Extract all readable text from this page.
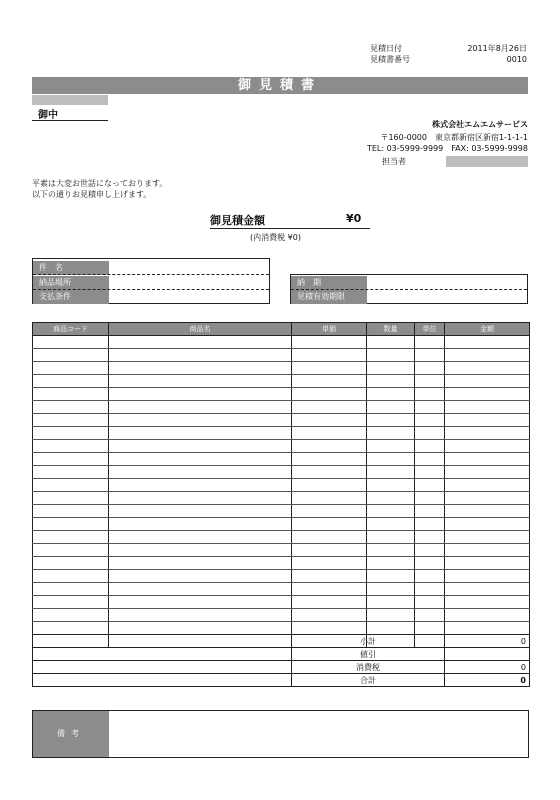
見積日付	2011年8月26日
見積書番号	0010
御見積書
御中
株式会社エムエムサービス
〒160-0000　東京都新宿区新宿1-1-1-1
TEL: 03-5999-9999　FAX: 03-5999-9998
担当者
平素は大変お世話になっております。
以下の通りお見積申し上げます。
御見積金額	¥0
(内消費税 ¥0)
件　名
納品場所
支払条件
納　期
見積有効期限
商品コード	商品名	単価	数量	単位	金額

	小計	0
	値引	
	消費税	0
	合計	0
備考
